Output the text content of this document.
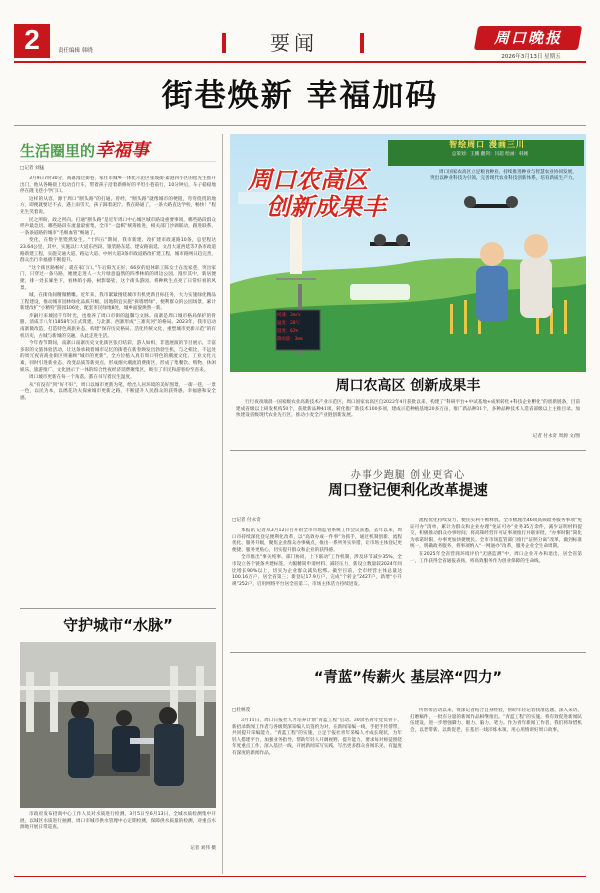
2	责任编辑 韩晓	要闻	周口晚报
2026年3月13日 星期五
街巷焕新 幸福加码
生活圈里的幸福事
□记者 刘猛

3月9日7时30分，商冪漫过街巷，家住市城乡一体化示范区张坡街·翟港四小区的程先生推开出门，他从各略晨上电动自行车，带着孩子沿着新修好的平坦小巷前行，10分钟后，车子稳稳地停在隆飞巷小学门口。

这样的从容，源于周口“断头路”的打通。曾经，“断头路”就像城市的梗阻，弯弯绕绕的地方，即便就要过不去，遇上雨雪天，孩子踩着泥泞。我在路通了，一条大路直达学校，畅快！”程先生笑着说。

民之所盼，政之所向。打通“断头路”是近年周口中心城区城市路设重要事项，哪些路段群众呼声最急切，哪些路段车流量最密集，全市“一盘棋”统筹推进，相关部门沙调联动，跟进联系，一条条道路的城市“毛细血管”畅通了。

变化，在数字里铿然发生。“十四五”期间，我市新建、改扩建市政道路10条，总里程达23.64公里，其中，实施以仁大道东西段、银装路东延、建安路南延、文昌大道西延等7条市政道路新建工程，实施交通大道、路运大道、中州大道3条市政道路改扩建工程，城市路网日趋完善，群众出行幸福感不断提升。

“这个街区路畅好，就在家门口。”午后阳光正好，66岁的退休职工陈女士在沈家巷，突出家门，只穿过一条马路，她便走进人一大片绿意盎然的四季林荫的周边公园，漫步其中，新居便捷，排一处长廊坐下，看林荫小路，树影婆娑，这个街头游园，将种秋生点亮了日常好看的风景。

城，在街角间精微精雕。近年来，我市紧紧围绕城市有机更新目标任务，大力实施绿化精品工程建设，推动城市园林绿化品质升级，因地制宜实施“拆墙增绿”，便利群众的公园场景，累计新建改扩“小精特”游园106处，配套市民绿地8处，城乡面貌焕然一新。

步嗣行来城园千年时光，也收养了周口市街的温馨与文脉。南寨是周口城市格局保护的骨骼，清咸丰八年(1858年)正式筑建，与北寨、西寨形成“三寨夹河”的格局。2023年，我市启动南寨微改造，打造特色商旅业态，构建“保存历史格局、活化传统文化、重塑城市更新示范”的有机历史，古城与新城的交融，从此走进生活。

今年春节期间，南寨口南寨历史文化街区张灯结彩，游人如织，非遗展演的节目展示，丰富多彩的文旅体验活动，让这条承载着城市记忆的街巷在新春焕发出勃勃生机，与之相比，不远处的周冗夜宵商业街区则兼顾“城市的更新”，全方位植入真有周口特色的潮流文化、工业文化元素，同时引进新业态、改变品质等新亮点，形成烟火潮流消费街区，形成了集餐饮、购物、休闲娱乐、旅游推广、文化展示于一体的综合性夜经济消费聚集区，吸引了市民和游客纷至沓来。

周口城市更新在每一个角落，都在书写着民生温度。

从“有没有”到“好不好”，周口以城市更新为笔，绘出人居环境的美好图景，一街一巷，一景一色，以民为本，以绣花功夫探索城市更新之路，不断提升人民群众的获得感、幸福感和安全感。

守护城市“水脉”
市政府发布招商中心工作人员对水质进行检测。3月5日至6月13日，全城水质检测集中开展，以城区水质进行抽测，周口市城市供水管理中心定期检测，保障供水质量的检测，对重点水源地开展日常巡查。
记者 刘伟 摄
智绘周口 漫画三川
总策划：王鹏 翻剑：闫超 绘画：韩刚
周口农高区
创新成果丰
周口国家农高区立足粮食种业，持续推进种业与智慧农业协同发展，突出以种业科技为引领，完善现代农业科技创新体系，培育新质生产力。
风速：3m/s
温度：20℃
湿度：62%
降雨量：3mm
周口农高区 创新成果丰
行行夜夜端晨一国家级农业高新技术产业示范区，周口国家农高区自2022年4月获批以来，构建了“科研平台+中试基地+成果转化+科技企业孵化”的创新链条，目前建成省级以上研发机构50个，获批新品种41项，转化推广新技术100多项，建成示范种植基地20多万亩，推广新品种31个，多种品种技术人选省部级以上主推目录。加快建设省级现代农业先行区，推动小麦全产业链创新发展。
记者 付永奇 周源 文/图
办事少跑腿 创业更省心
周口登记便利化改革提速
□记者 付永奇

本报讯 记者从3月12日召开的全市市场监管系统工作会议获悉，去年以来，周口市持续深化登记便利化改革，以“高效办成一件事”为抓手，通过机制创新、流程优化、服务升级，聚焦企业群众办事痛点，推出一系列务实举措，让市场主体登记更便捷、服务更贴心，切实提升群众和企业的获得感。

全市推出“事关纯事、部门协同、上下联动”工作机制，涉及环节减少35%，全市设立各个链条共建标签，大幅精简申请材料、减轻压力，新设立数量较2024年同比增长90%以上，切实为企业群众减负松绑。截至目前，全市经营主体总量达100.16万户，居全省第三；新登记17.9万户，完成“个转企”2427户，新增“小升规”252户，启用网络平台居全省第二，市场主体活力持续迸发。

流程优化持续发力，便民实利不断释放。全市梳理出46项高频政务服务事项“免证可办”清单，累计为群众和企业办理“免证可办”业务35万余件，减少证明材料提交，积极推动群众办事时间；将高频经营许可证事项推行并联审批，“办事时限”简化为承诺时限，办事更加快捷便民。全市市场监管部门推行“证照分离”改革，做到标准统一，明确政务服务，将事项纳入“一网通办”改革，服务企业全生命周期。

在2025年全省营商环境评价“无感监测”中，周口企业开办和退出，居全省第一，工作获得全省通报表扬，将高效服务作为创业保障的生命线。

“青蓝”传薪火 基层淬“四力”
□杜林茂
3月11日，周口日报社人才培养计划“青蓝工程”启动。30余名青年党员骨干、新招录新闻工作者与各级资深采编人员签约为对，在新闻采编一线，手把手传帮带，共同提升采编能力。“青蓝工程”的实施，立足于报社青年采编人才成长现状，为年轻人搭建平台，加强业务指导，帮助年轻人开阔视野、提升能力。要求每对师徒围绕年度重点工作，深入基层一线，开展新闻采写实践，写出更多群众喜闻乐见、有温度有深度的新闻作品。
传帮带活动以来，资深记者结合自身经验，帮助年轻记者找准选题、深入采访、打磨稿件，一批有分量的新闻作品相继推出。“青蓝工程”的实施，将有效促进新闻队伍建设，进一步增强脚力、眼力、脑力、笔力。作为青年新闻工作者，我们将珍惜机会，以老带新、以新促老，在基层一线淬炼本领，用心用情讲好周口故事。
